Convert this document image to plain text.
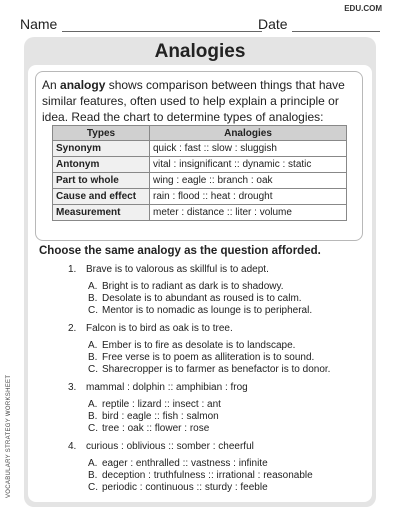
EDU.COM
Name	Date
VOCABULARY STRATEGY WORKSHEET
Analogies
An analogy shows comparison between things that have similar features, often used to help explain a principle or idea. Read the chart to determine types of analogies:
Types	Analogies
Synonym	quick : fast :: slow : sluggish
Antonym	vital : insignificant :: dynamic : static
Part to whole	wing : eagle :: branch : oak
Cause and effect	rain : flood :: heat : drought
Measurement	meter : distance :: liter : volume
Choose the same analogy as the question afforded.
1. Brave is to valorous as skillful is to adept.
A. Bright is to radiant as dark is to shadowy.
B. Desolate is to abundant as roused is to calm.
C. Mentor is to nomadic as lounge is to peripheral.
2. Falcon is to bird as oak is to tree.
A. Ember is to fire as desolate is to landscape.
B. Free verse is to poem as alliteration is to sound.
C. Sharecropper is to farmer as benefactor is to donor.
3. mammal : dolphin :: amphibian : frog
A. reptile : lizard :: insect : ant
B. bird : eagle :: fish : salmon
C. tree : oak :: flower : rose
4. curious : oblivious :: somber : cheerful
A. eager : enthralled :: vastness : infinite
B. deception : truthfulness :: irrational : reasonable
C. periodic : continuous :: sturdy : feeble
